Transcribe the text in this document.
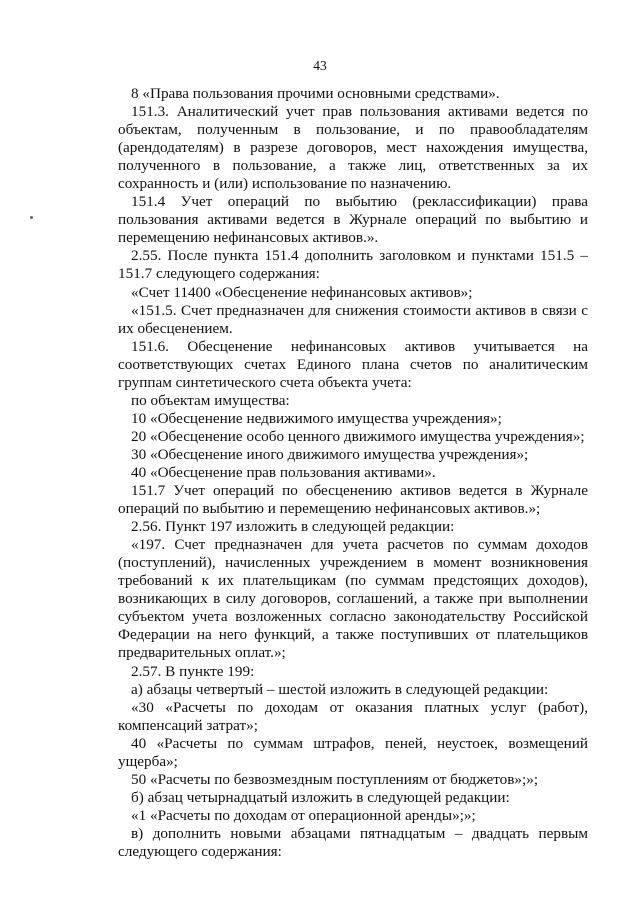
43

8 «Права пользования прочими основными средствами».

151.3. Аналитический учет прав пользования активами ведется по объектам, полученным в пользование, и по правообладателям (арендодателям) в разрезе договоров, мест нахождения имущества, полученного в пользование, а также лиц, ответственных за их сохранность и (или) использование по назначению.

151.4 Учет операций по выбытию (реклассификации) права пользования активами ведется в Журнале операций по выбытию и перемещению нефинансовых активов.».

2.55. После пункта 151.4 дополнить заголовком и пунктами 151.5 – 151.7 следующего содержания:

«Счет 11400 «Обесценение нефинансовых активов»;

«151.5. Счет предназначен для снижения стоимости активов в связи с их обесценением.

151.6. Обесценение нефинансовых активов учитывается на соответствующих счетах Единого плана счетов по аналитическим группам синтетического счета объекта учета:

по объектам имущества:

10 «Обесценение недвижимого имущества учреждения»;

20 «Обесценение особо ценного движимого имущества учреждения»;

30 «Обесценение иного движимого имущества учреждения»;

40 «Обесценение прав пользования активами».

151.7 Учет операций по обесценению активов ведется в Журнале операций по выбытию и перемещению нефинансовых активов.»;

2.56. Пункт 197 изложить в следующей редакции:

«197. Счет предназначен для учета расчетов по суммам доходов (поступлений), начисленных учреждением в момент возникновения требований к их плательщикам (по суммам предстоящих доходов), возникающих в силу договоров, соглашений, а также при выполнении субъектом учета возложенных согласно законодательству Российской Федерации на него функций, а также поступивших от плательщиков предварительных оплат.»;

2.57. В пункте 199:

а) абзацы четвертый – шестой изложить в следующей редакции:

«30 «Расчеты по доходам от оказания платных услуг (работ), компенсаций затрат»;

40 «Расчеты по суммам штрафов, пеней, неустоек, возмещений ущерба»;

50 «Расчеты по безвозмездным поступлениям от бюджетов»;»;

б) абзац четырнадцатый изложить в следующей редакции:

«1 «Расчеты по доходам от операционной аренды»;»;

в) дополнить новыми абзацами пятнадцатым – двадцать первым следующего содержания:
